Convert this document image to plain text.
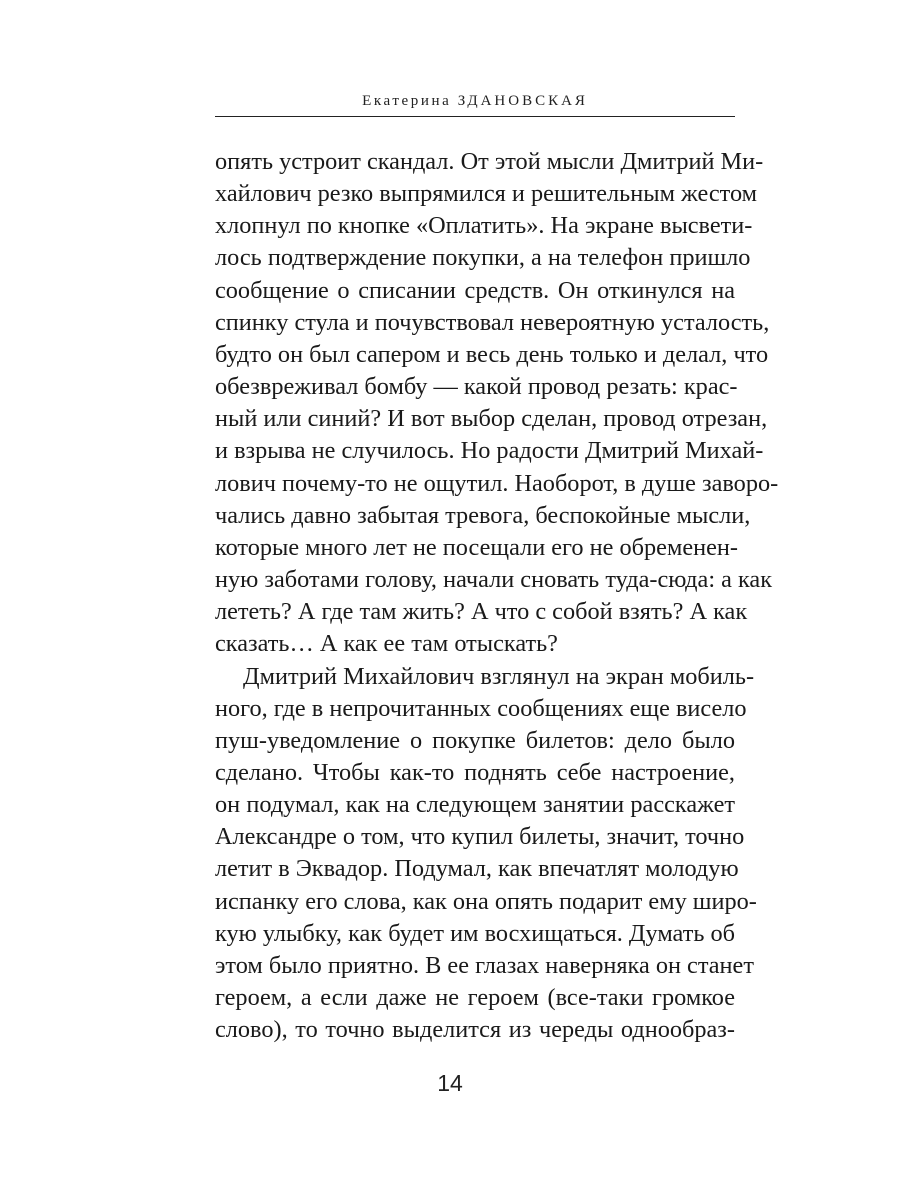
Екатерина ЗДАНОВСКАЯ

опять устроит скандал. От этой мысли Дмитрий Ми-
хайлович резко выпрямился и решительным жестом
хлопнул по кнопке «Оплатить». На экране высвети-
лось подтверждение покупки, а на телефон пришло
сообщение о списании средств. Он откинулся на
спинку стула и почувствовал невероятную усталость,
будто он был сапером и весь день только и делал, что
обезвреживал бомбу — какой провод резать: крас-
ный или синий? И вот выбор сделан, провод отрезан,
и взрыва не случилось. Но радости Дмитрий Михай-
лович почему-то не ощутил. Наоборот, в душе заворо-
чались давно забытая тревога, беспокойные мысли,
которые много лет не посещали его не обременен-
ную заботами голову, начали сновать туда-сюда: а как
лететь? А где там жить? А что с собой взять? А как
сказать… А как ее там отыскать?

Дмитрий Михайлович взглянул на экран мобиль-
ного, где в непрочитанных сообщениях еще висело
пуш-уведомление о покупке билетов: дело было
сделано. Чтобы как-то поднять себе настроение,
он подумал, как на следующем занятии расскажет
Александре о том, что купил билеты, значит, точно
летит в Эквадор. Подумал, как впечатлят молодую
испанку его слова, как она опять подарит ему широ-
кую улыбку, как будет им восхищаться. Думать об
этом было приятно. В ее глазах наверняка он станет
героем, а если даже не героем (все-таки громкое
слово), то точно выделится из череды однообраз-

14
